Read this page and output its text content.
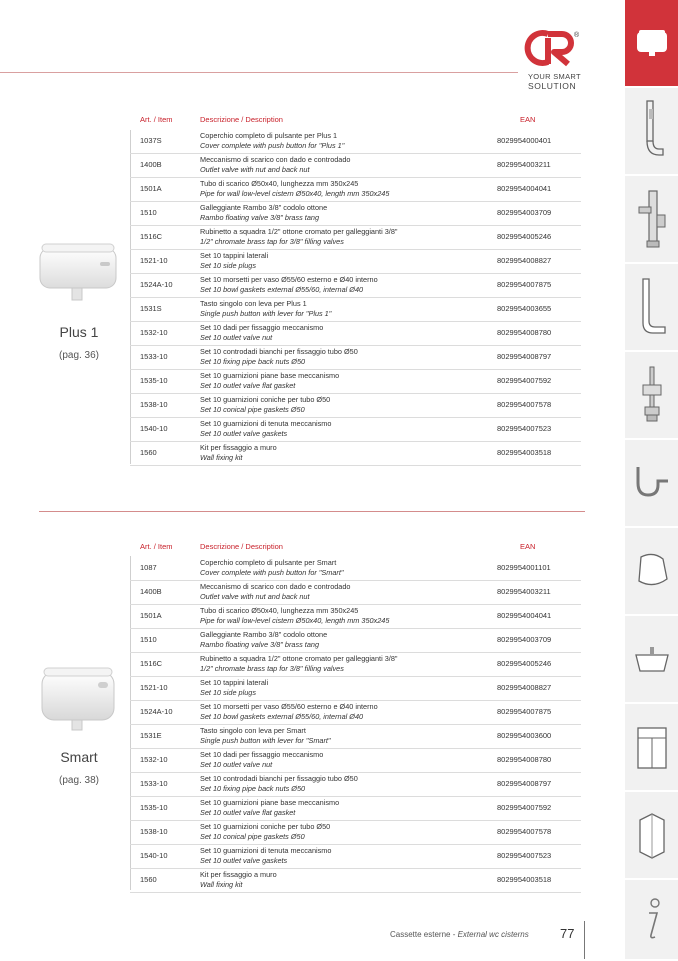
®
YOUR SMART
SOLUTION
Art. / Item	Descrizione / Description	EAN
1037S
Coperchio completo di pulsante per Plus 1
Cover complete with push button for "Plus 1"	8029954000401
1400B
Meccanismo di scarico con dado e controdado
Outlet valve with nut and back nut	8029954003211
1501A
Tubo di scarico Ø50x40, lunghezza mm 350x245
Pipe for wall low-level cistern Ø50x40, length mm 350x245	8029954004041
1510
Galleggiante Rambo 3/8" codolo ottone
Rambo floating valve 3/8" brass tang	8029954003709
1516C
Rubinetto a squadra 1/2" ottone cromato per galleggianti 3/8"
1/2" chromate brass tap for 3/8" filling valves	8029954005246
1521-10
Set 10 tappini laterali
Set 10 side plugs	8029954008827
1524A-10
Set 10 morsetti per vaso Ø55/60 esterno e Ø40 interno
Set 10 bowl gaskets external Ø55/60, internal Ø40	8029954007875
1531S
Tasto singolo con leva per Plus 1
Single push button with lever for "Plus 1"	8029954003655
1532-10
Set 10 dadi per fissaggio meccanismo
Set 10 outlet valve nut	8029954008780
1533-10
Set 10 controdadi bianchi per fissaggio tubo Ø50
Set 10 fixing pipe back nuts Ø50	8029954008797
1535-10
Set 10 guarnizioni piane base meccanismo
Set 10 outlet valve flat gasket	8029954007592
1538-10
Set 10 guarnizioni coniche per tubo Ø50
Set 10 conical pipe gaskets Ø50	8029954007578
1540-10
Set 10 guarnizioni di tenuta meccanismo
Set 10 outlet valve gaskets	8029954007523
1560
Kit per fissaggio a muro
Wall fixing kit	8029954003518
Plus 1
(pag. 36)
Art. / Item	Descrizione / Description	EAN
1087
Coperchio completo di pulsante per Smart
Cover complete with push button for "Smart"	8029954001101
1400B
Meccanismo di scarico con dado e controdado
Outlet valve with nut and back nut	8029954003211
1501A
Tubo di scarico Ø50x40, lunghezza mm 350x245
Pipe for wall low-level cistern Ø50x40, length mm 350x245	8029954004041
1510
Galleggiante Rambo 3/8" codolo ottone
Rambo floating valve 3/8" brass tang	8029954003709
1516C
Rubinetto a squadra 1/2" ottone cromato per galleggianti 3/8"
1/2" chromate brass tap for 3/8" filling valves	8029954005246
1521-10
Set 10 tappini laterali
Set 10 side plugs	8029954008827
1524A-10
Set 10 morsetti per vaso Ø55/60 esterno e Ø40 interno
Set 10 bowl gaskets external Ø55/60, internal Ø40	8029954007875
1531E
Tasto singolo con leva per Smart
Single push button with lever for "Smart"	8029954003600
1532-10
Set 10 dadi per fissaggio meccanismo
Set 10 outlet valve nut	8029954008780
1533-10
Set 10 controdadi bianchi per fissaggio tubo Ø50
Set 10 fixing pipe back nuts Ø50	8029954008797
1535-10
Set 10 guarnizioni piane base meccanismo
Set 10 outlet valve flat gasket	8029954007592
1538-10
Set 10 guarnizioni coniche per tubo Ø50
Set 10 conical pipe gaskets Ø50	8029954007578
1540-10
Set 10 guarnizioni di tenuta meccanismo
Set 10 outlet valve gaskets	8029954007523
1560
Kit per fissaggio a muro
Wall fixing kit	8029954003518
Smart
(pag. 38)
Cassette esterne - External wc cisterns 77
